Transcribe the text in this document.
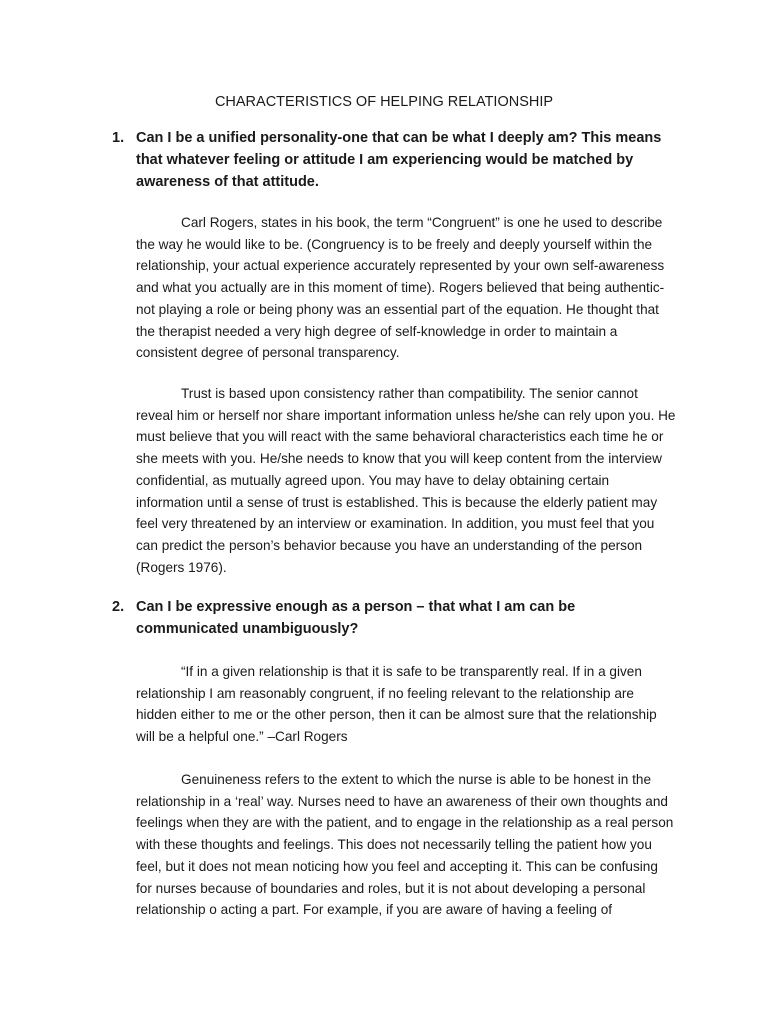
CHARACTERISTICS OF HELPING RELATIONSHIP
1. Can I be a unified personality-one that can be what I deeply am? This means that whatever feeling or attitude I am experiencing would be matched by awareness of that attitude.

Carl Rogers, states in his book, the term “Congruent” is one he used to describe the way he would like to be. (Congruency is to be freely and deeply yourself within the relationship, your actual experience accurately represented by your own self-awareness and what you actually are in this moment of time). Rogers believed that being authentic-not playing a role or being phony was an essential part of the equation. He thought that the therapist needed a very high degree of self-knowledge in order to maintain a consistent degree of personal transparency.

Trust is based upon consistency rather than compatibility. The senior cannot reveal him or herself nor share important information unless he/she can rely upon you. He must believe that you will react with the same behavioral characteristics each time he or she meets with you. He/she needs to know that you will keep content from the interview confidential, as mutually agreed upon. You may have to delay obtaining certain information until a sense of trust is established. This is because the elderly patient may feel very threatened by an interview or examination. In addition, you must feel that you can predict the person’s behavior because you have an understanding of the person (Rogers 1976).

2. Can I be expressive enough as a person – that what I am can be communicated unambiguously?

“If in a given relationship is that it is safe to be transparently real. If in a given relationship I am reasonably congruent, if no feeling relevant to the relationship are hidden either to me or the other person, then it can be almost sure that the relationship will be a helpful one.” –Carl Rogers

Genuineness refers to the extent to which the nurse is able to be honest in the relationship in a ‘real’ way. Nurses need to have an awareness of their own thoughts and feelings when they are with the patient, and to engage in the relationship as a real person with these thoughts and feelings. This does not necessarily telling the patient how you feel, but it does not mean noticing how you feel and accepting it. This can be confusing for nurses because of boundaries and roles, but it is not about developing a personal relationship o acting a part. For example, if you are aware of having a feeling of
